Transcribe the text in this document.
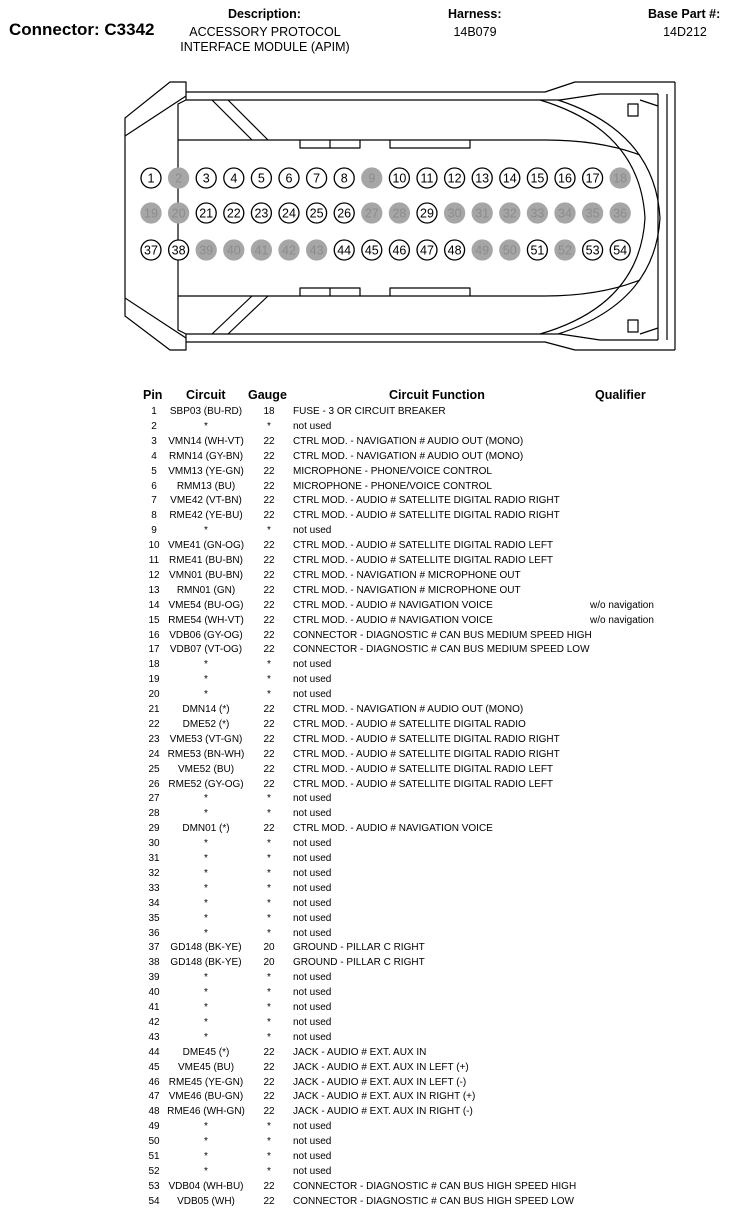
Connector: C3342
Description:
ACCESSORY PROTOCOL
INTERFACE MODULE (APIM)
Harness:
14B079
Base Part #:
14D212
1 2 3 4 5 6 7 8 9 10 11 12 13 14 15 16 17 18
19 20 21 22 23 24 25 26 27 28 29 30 31 32 33 34 35 36
37 38 39 40 41 42 43 44 45 46 47 48 49 50 51 52 53 54
Pin Circuit Gauge	Circuit Function	Qualifier
1	SBP03 (BU-RD)	18	FUSE - 3 OR CIRCUIT BREAKER
2	*	*	not used
3	VMN14 (WH-VT)	22	CTRL MOD. - NAVIGATION # AUDIO OUT (MONO)
4	RMN14 (GY-BN)	22	CTRL MOD. - NAVIGATION # AUDIO OUT (MONO)
5	VMM13 (YE-GN)	22	MICROPHONE - PHONE/VOICE CONTROL
6	RMM13 (BU)	22	MICROPHONE - PHONE/VOICE CONTROL
7	VME42 (VT-BN)	22	CTRL MOD. - AUDIO # SATELLITE DIGITAL RADIO RIGHT
8	RME42 (YE-BU)	22	CTRL MOD. - AUDIO # SATELLITE DIGITAL RADIO RIGHT
9	*	*	not used
10 VME41 (GN-OG)	22	CTRL MOD. - AUDIO # SATELLITE DIGITAL RADIO LEFT
11 RME41 (BU-BN)	22	CTRL MOD. - AUDIO # SATELLITE DIGITAL RADIO LEFT
12 VMN01 (BU-BN)	22	CTRL MOD. - NAVIGATION # MICROPHONE OUT
13	RMN01 (GN)	22	CTRL MOD. - NAVIGATION # MICROPHONE OUT
14 VME54 (BU-OG)	22	CTRL MOD. - AUDIO # NAVIGATION VOICE	w/o navigation
15 RME54 (WH-VT)	22	CTRL MOD. - AUDIO # NAVIGATION VOICE	w/o navigation
16 VDB06 (GY-OG)	22	CONNECTOR - DIAGNOSTIC # CAN BUS MEDIUM SPEED HIGH
17	VDB07 (VT-OG)	22	CONNECTOR - DIAGNOSTIC # CAN BUS MEDIUM SPEED LOW
18	*	*	not used
19	*	*	not used
20	*	*	not used
21	DMN14 (*)	22	CTRL MOD. - NAVIGATION # AUDIO OUT (MONO)
22	DME52 (*)	22	CTRL MOD. - AUDIO # SATELLITE DIGITAL RADIO
23	VME53 (VT-GN)	22	CTRL MOD. - AUDIO # SATELLITE DIGITAL RADIO RIGHT
24 RME53 (BN-WH)	22	CTRL MOD. - AUDIO # SATELLITE DIGITAL RADIO RIGHT
25	VME52 (BU)	22	CTRL MOD. - AUDIO # SATELLITE DIGITAL RADIO LEFT
26 RME52 (GY-OG)	22	CTRL MOD. - AUDIO # SATELLITE DIGITAL RADIO LEFT
27	*	*	not used
28	*	*	not used
29	DMN01 (*)	22	CTRL MOD. - AUDIO # NAVIGATION VOICE
30	*	*	not used
31	*	*	not used
32	*	*	not used
33	*	*	not used
34	*	*	not used
35	*	*	not used
36	*	*	not used
37	GD148 (BK-YE)	20	GROUND - PILLAR C RIGHT
38	GD148 (BK-YE)	20	GROUND - PILLAR C RIGHT
39	*	*	not used
40	*	*	not used
41	*	*	not used
42	*	*	not used
43	*	*	not used
44	DME45 (*)	22	JACK - AUDIO # EXT. AUX IN
45	VME45 (BU)	22	JACK - AUDIO # EXT. AUX IN LEFT (+)
46 RME45 (YE-GN)	22	JACK - AUDIO # EXT. AUX IN LEFT (-)
47 VME46 (BU-GN)	22	JACK - AUDIO # EXT. AUX IN RIGHT (+)
48 RME46 (WH-GN)	22	JACK - AUDIO # EXT. AUX IN RIGHT (-)
49	*	*	not used
50	*	*	not used
51	*	*	not used
52	*	*	not used
53 VDB04 (WH-BU)	22	CONNECTOR - DIAGNOSTIC # CAN BUS HIGH SPEED HIGH
54	VDB05 (WH)	22	CONNECTOR - DIAGNOSTIC # CAN BUS HIGH SPEED LOW
